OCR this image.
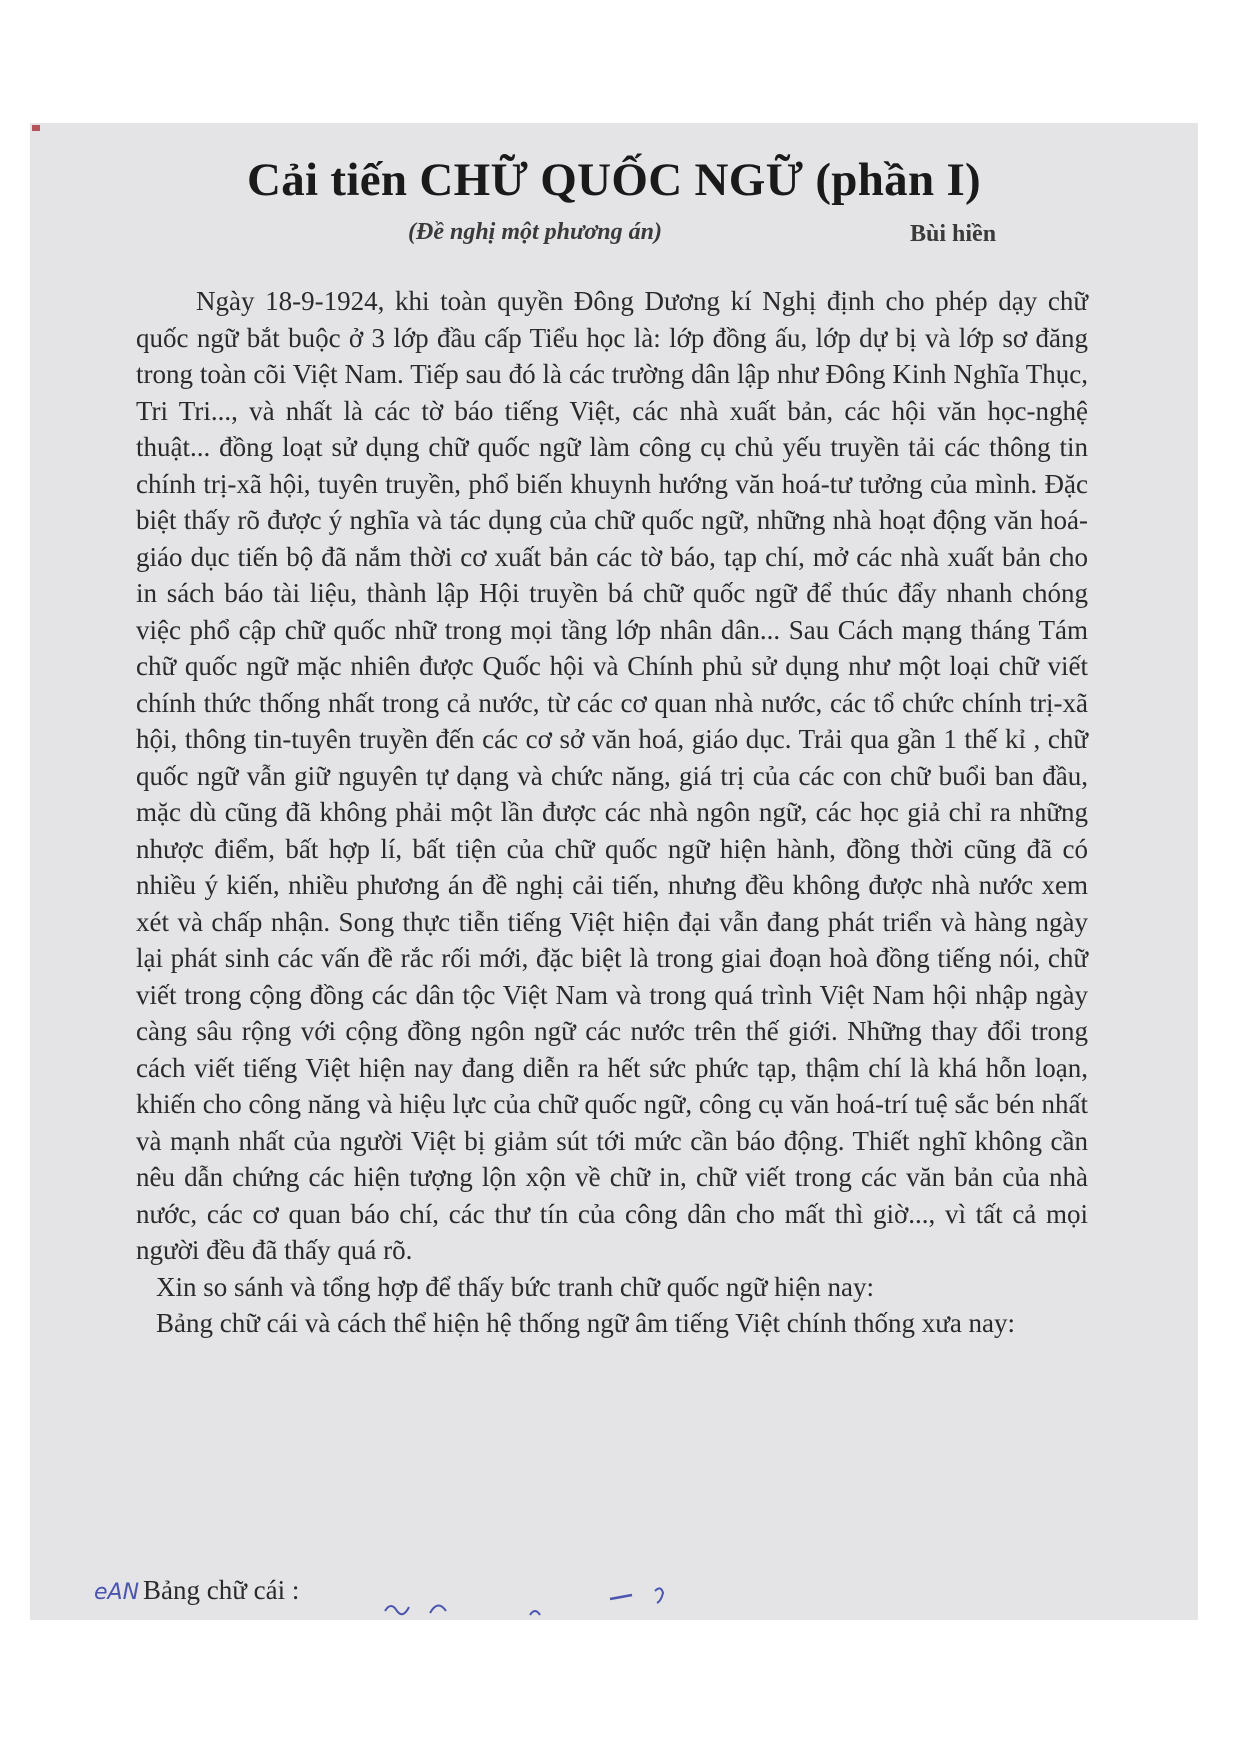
Cải tiến CHỮ QUỐC NGỮ (phần I)
(Đề nghị một phương án)	Bùi hiền

Ngày 18-9-1924, khi toàn quyền Đông Dương kí Nghị định cho phép dạy chữ quốc ngữ bắt buộc ở 3 lớp đầu cấp Tiểu học là: lớp đồng ấu, lớp dự bị và lớp sơ đăng trong toàn cõi Việt Nam. Tiếp sau đó là các trường dân lập như Đông Kinh Nghĩa Thục, Tri Tri..., và nhất là các tờ báo tiếng Việt, các nhà xuất bản, các hội văn học-nghệ thuật... đồng loạt sử dụng chữ quốc ngữ làm công cụ chủ yếu truyền tải các thông tin chính trị-xã hội, tuyên truyền, phổ biến khuynh hướng văn hoá-tư tưởng của mình. Đặc biệt thấy rõ được ý nghĩa và tác dụng của chữ quốc ngữ, những nhà hoạt động văn hoá-giáo dục tiến bộ đã nắm thời cơ xuất bản các tờ báo, tạp chí, mở các nhà xuất bản cho in sách báo tài liệu, thành lập Hội truyền bá chữ quốc ngữ để thúc đẩy nhanh chóng việc phổ cập chữ quốc nhữ trong mọi tầng lớp nhân dân... Sau Cách mạng tháng Tám chữ quốc ngữ mặc nhiên được Quốc hội và Chính phủ sử dụng như một loại chữ viết chính thức thống nhất trong cả nước, từ các cơ quan nhà nước, các tổ chức chính trị-xã hội, thông tin-tuyên truyền đến các cơ sở văn hoá, giáo dục. Trải qua gần 1 thế kỉ , chữ quốc ngữ vẫn giữ nguyên tự dạng và chức năng, giá trị của các con chữ buổi ban đầu, mặc dù cũng đã không phải một lần được các nhà ngôn ngữ, các học giả chỉ ra những nhược điểm, bất hợp lí, bất tiện của chữ quốc ngữ hiện hành, đồng thời cũng đã có nhiều ý kiến, nhiều phương án đề nghị cải tiến, nhưng đều không được nhà nước xem xét và chấp nhận. Song thực tiễn tiếng Việt hiện đại vẫn đang phát triển và hàng ngày lại phát sinh các vấn đề rắc rối mới, đặc biệt là trong giai đoạn hoà đồng tiếng nói, chữ viết trong cộng đồng các dân tộc Việt Nam và trong quá trình Việt Nam hội nhập ngày càng sâu rộng với cộng đồng ngôn ngữ các nước trên thế giới. Những thay đổi trong cách viết tiếng Việt hiện nay đang diễn ra hết sức phức tạp, thậm chí là khá hỗn loạn, khiến cho công năng và hiệu lực của chữ quốc ngữ, công cụ văn hoá-trí tuệ sắc bén nhất và mạnh nhất của người Việt bị giảm sút tới mức cần báo động. Thiết nghĩ không cần nêu dẫn chứng các hiện tượng lộn xộn về chữ in, chữ viết trong các văn bản của nhà nước, các cơ quan báo chí, các thư tín của công dân cho mất thì giờ..., vì tất cả mọi người đều đã thấy quá rõ.

Xin so sánh và tổng hợp để thấy bức tranh chữ quốc ngữ hiện nay:

Bảng chữ cái và cách thể hiện hệ thống ngữ âm tiếng Việt chính thống xưa nay:

eAN Bảng chữ cái :
